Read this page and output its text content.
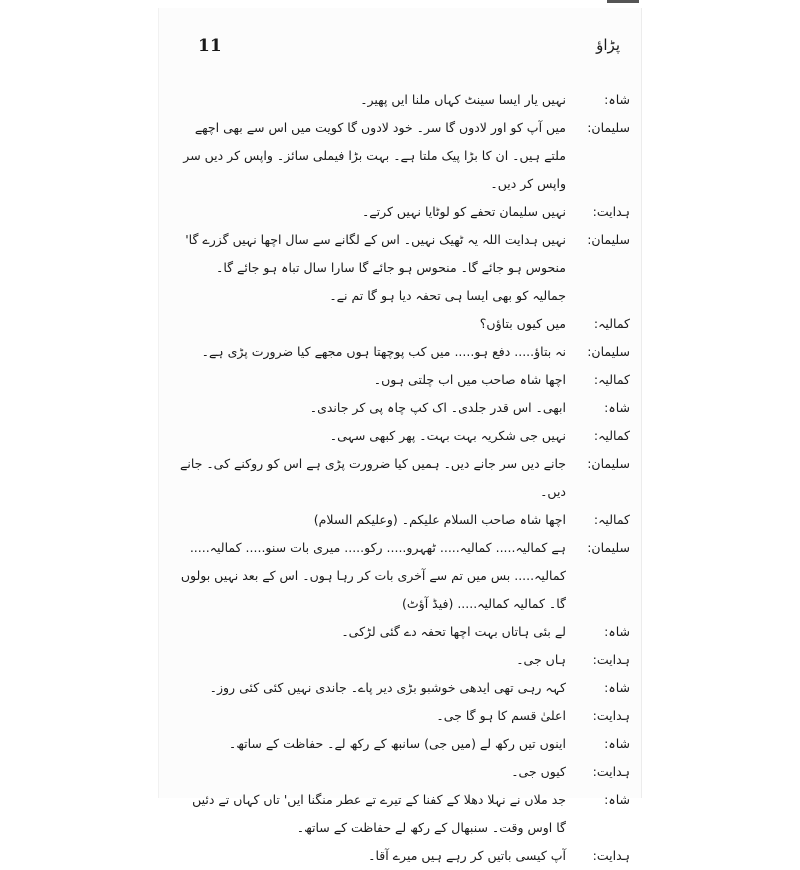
11	پڑاؤ
شاہ:
نہیں یار ایسا سینٹ کہاں ملنا ایں پھیر۔
سلیمان:
میں آپ کو اور لادوں گا سر۔ خود لادوں گا کویت میں اس سے بھی اچھے ملتے ہیں۔ ان کا بڑا پیک ملتا ہے۔ بہت بڑا فیملی سائز۔ واپس کر دیں سر واپس کر دیں۔
ہدایت:
نہیں سلیمان تحفے کو لوٹایا نہیں کرتے۔
سلیمان:
نہیں ہدایت اللہ یہ ٹھیک نہیں۔ اس کے لگانے سے سال اچھا نہیں گزرے گا' منحوس ہو جائے گا۔ منحوس ہو جائے گا سارا سال تباہ ہو جائے گا۔ جمالیہ کو بھی ایسا ہی تحفہ دیا ہو گا تم نے۔
کمالیہ:
میں کیوں بتاؤں؟
سلیمان:
نہ بتاؤ..... دفع ہو..... میں کب پوچھتا ہوں مجھے کیا ضرورت پڑی ہے۔
کمالیہ:
اچھا شاہ صاحب میں اب چلتی ہوں۔
شاہ:
ابھی۔ اس قدر جلدی۔ اک کپ چاہ پی کر جاندی۔
کمالیہ:
نہیں جی شکریہ بہت بہت۔ پھر کبھی سہی۔
سلیمان:
جانے دیں سر جانے دیں۔ ہمیں کیا ضرورت پڑی ہے اس کو روکنے کی۔ جانے دیں۔
کمالیہ:
اچھا شاہ صاحب السلام علیکم۔ (وعلیکم السلام)
سلیمان:
ہے کمالیہ..... کمالیہ..... ٹھہرو..... رکو..... میری بات سنو..... کمالیہ..... کمالیہ..... بس میں تم سے آخری بات کر رہا ہوں۔ اس کے بعد نہیں بولوں گا۔ کمالیہ کمالیہ..... (فیڈ آؤٹ)
شاہ:
لے بئی ہاتاں بہت اچھا تحفہ دے گئی لڑکی۔
ہدایت:
ہاں جی۔
شاہ:
کہہ رہی تھی ایدھی خوشبو بڑی دیر پاے۔ جاندی نہیں کئی کئی روز۔
ہدایت:
اعلیٰ قسم کا ہو گا جی۔
شاہ:
اینوں تیں رکھ لے (میں جی) سانبھ کے رکھ لے۔ حفاظت کے ساتھ۔
ہدایت:
کیوں جی۔
شاہ:
جد ملاں نے نہلا دھلا کے کفنا کے تیرے تے عطر منگنا ایں' تاں کہاں تے دئیں گا اوس وقت۔ سنبھال کے رکھ لے حفاظت کے ساتھ۔
ہدایت:
آپ کیسی باتیں کر رہے ہیں میرے آقا۔
